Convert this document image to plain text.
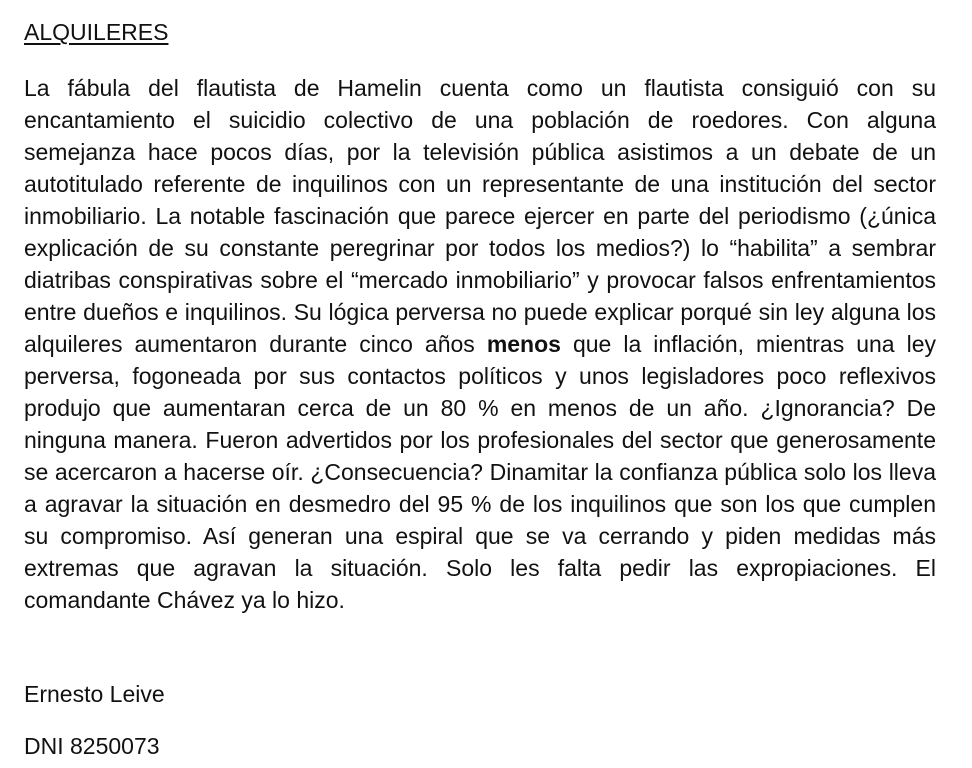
ALQUILERES

La fábula del flautista de Hamelin cuenta como un flautista consiguió con su encantamiento el suicidio colectivo de una población de roedores. Con alguna semejanza hace pocos días, por la televisión pública asistimos a un debate de un autotitulado referente de inquilinos con un representante de una institución del sector inmobiliario. La notable fascinación que parece ejercer en parte del periodismo (¿única explicación de su constante peregrinar por todos los medios?) lo “habilita” a sembrar diatribas conspirativas sobre el “mercado inmobiliario” y provocar falsos enfrentamientos entre dueños e inquilinos. Su lógica perversa no puede explicar porqué sin ley alguna los alquileres aumentaron durante cinco años menos que la inflación, mientras una ley perversa, fogoneada por sus contactos políticos y unos legisladores poco reflexivos produjo que aumentaran cerca de un 80 % en menos de un año. ¿Ignorancia? De ninguna manera. Fueron advertidos por los profesionales del sector que generosamente se acercaron a hacerse oír. ¿Consecuencia? Dinamitar la confianza pública solo los lleva a agravar la situación en desmedro del 95 % de los inquilinos que son los que cumplen su compromiso. Así generan una espiral que se va cerrando y piden medidas más extremas que agravan la situación. Solo les falta pedir las expropiaciones. El comandante Chávez ya lo hizo.

Ernesto Leive

DNI 8250073
